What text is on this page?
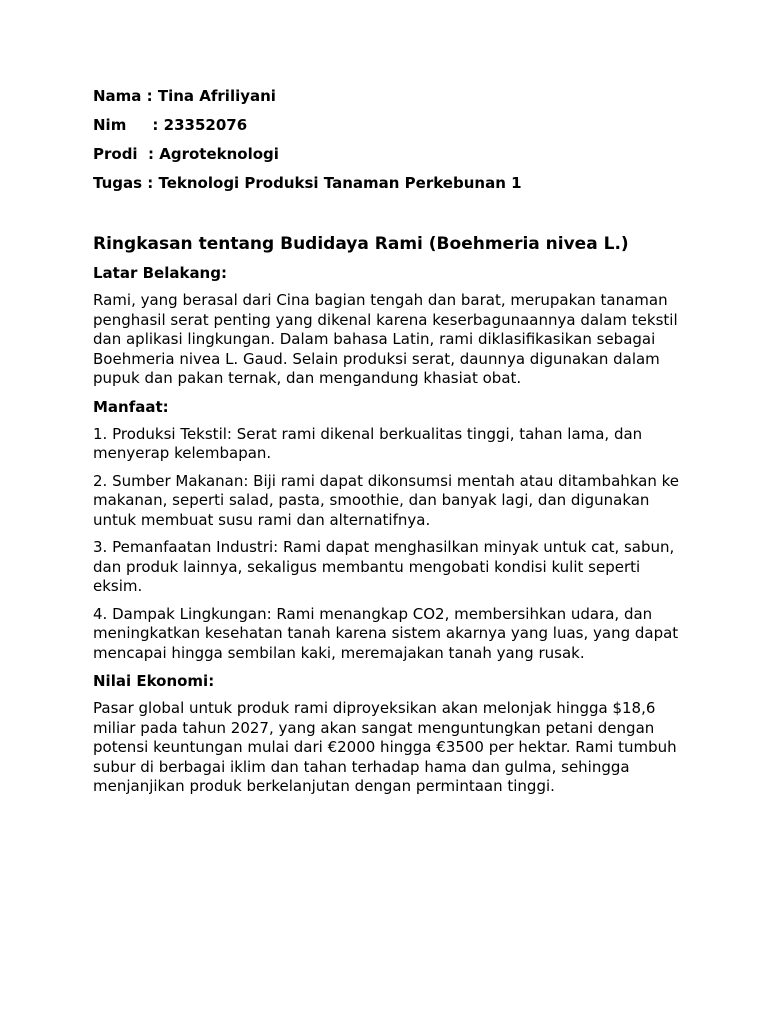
Nama : Tina Afriliyani
Nim     : 23352076
Prodi  : Agroteknologi
Tugas : Teknologi Produksi Tanaman Perkebunan 1
Ringkasan tentang Budidaya Rami (Boehmeria nivea L.)
Latar Belakang:

Rami, yang berasal dari Cina bagian tengah dan barat, merupakan tanaman penghasil serat penting yang dikenal karena keserbagunaannya dalam tekstil dan aplikasi lingkungan. Dalam bahasa Latin, rami diklasifikasikan sebagai Boehmeria nivea L. Gaud. Selain produksi serat, daunnya digunakan dalam pupuk dan pakan ternak, dan mengandung khasiat obat.

Manfaat:

1. Produksi Tekstil: Serat rami dikenal berkualitas tinggi, tahan lama, dan menyerap kelembapan.

2. Sumber Makanan: Biji rami dapat dikonsumsi mentah atau ditambahkan ke makanan, seperti salad, pasta, smoothie, dan banyak lagi, dan digunakan untuk membuat susu rami dan alternatifnya.

3. Pemanfaatan Industri: Rami dapat menghasilkan minyak untuk cat, sabun, dan produk lainnya, sekaligus membantu mengobati kondisi kulit seperti eksim.

4. Dampak Lingkungan: Rami menangkap CO2, membersihkan udara, dan meningkatkan kesehatan tanah karena sistem akarnya yang luas, yang dapat mencapai hingga sembilan kaki, meremajakan tanah yang rusak.

Nilai Ekonomi:

Pasar global untuk produk rami diproyeksikan akan melonjak hingga $18,6 miliar pada tahun 2027, yang akan sangat menguntungkan petani dengan potensi keuntungan mulai dari €2000 hingga €3500 per hektar. Rami tumbuh subur di berbagai iklim dan tahan terhadap hama dan gulma, sehingga menjanjikan produk berkelanjutan dengan permintaan tinggi.
